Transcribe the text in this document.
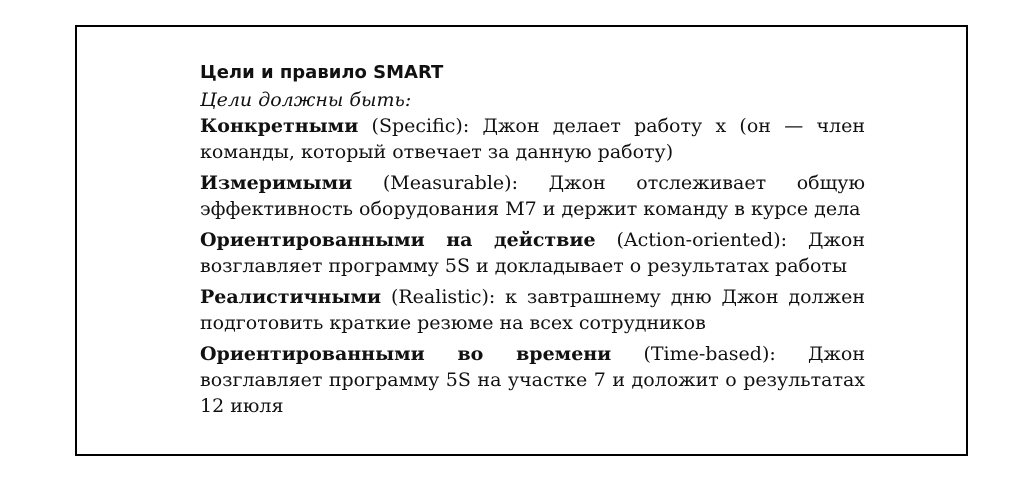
Цели и правило SMART
Цели должны быть:

Конкретными (Specific): Джон делает работу x (он — член команды, который отвечает за данную работу)

Измеримыми (Measurable): Джон отслеживает общую эффективность оборудования M7 и держит команду в курсе дела

Ориентированными на действие (Action-oriented): Джон возглавляет программу 5S и докладывает о результатах работы

Реалистичными (Realistic): к завтрашнему дню Джон должен подготовить краткие резюме на всех сотрудников

Ориентированными во времени (Time-based): Джон возглавляет программу 5S на участке 7 и доложит о результатах 12 июля
